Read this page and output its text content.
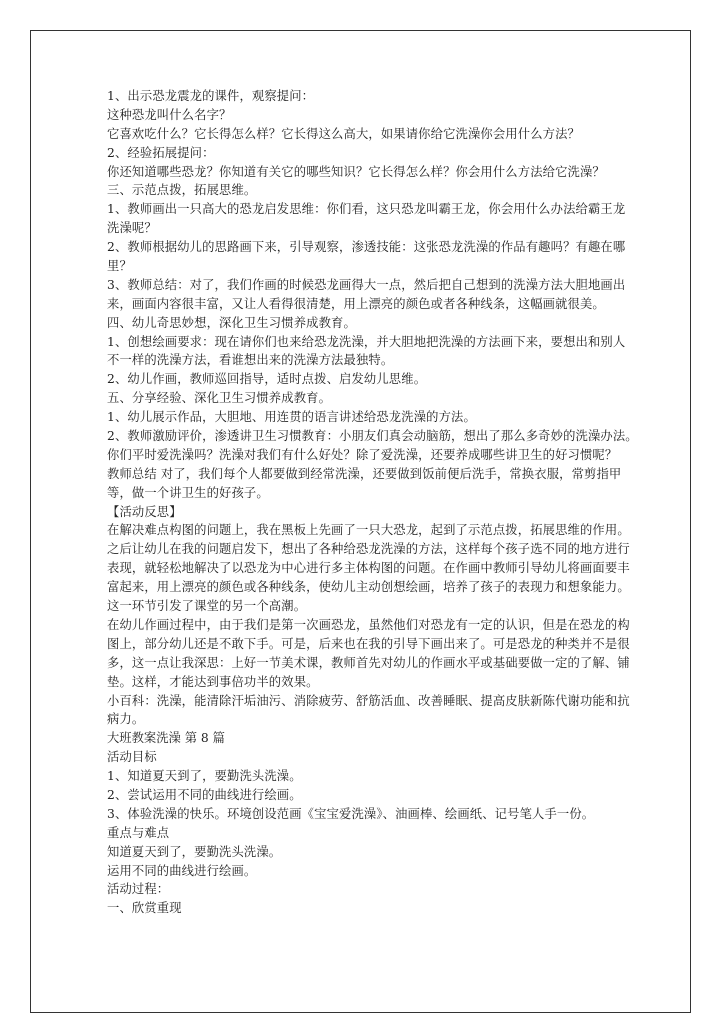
1、出示恐龙震龙的课件，观察提问：
这种恐龙叫什么名字？
它喜欢吃什么？它长得怎么样？它长得这么高大，如果请你给它洗澡你会用什么方法？
2、经验拓展提问：
你还知道哪些恐龙？你知道有关它的哪些知识？它长得怎么样？你会用什么方法给它洗澡？
三、示范点拨，拓展思维。
1、教师画出一只高大的恐龙启发思维：你们看，这只恐龙叫霸王龙，你会用什么办法给霸王龙
洗澡呢？
2、教师根据幼儿的思路画下来，引导观察，渗透技能：这张恐龙洗澡的作品有趣吗？有趣在哪
里？
3、教师总结：对了，我们作画的时候恐龙画得大一点，然后把自己想到的洗澡方法大胆地画出
来，画面内容很丰富，又让人看得很清楚，用上漂亮的颜色或者各种线条，这幅画就很美。
四、幼儿奇思妙想，深化卫生习惯养成教育。
1、创想绘画要求：现在请你们也来给恐龙洗澡，并大胆地把洗澡的方法画下来，要想出和别人
不一样的洗澡方法，看谁想出来的洗澡方法最独特。
2、幼儿作画，教师巡回指导，适时点拨、启发幼儿思维。
五、分享经验、深化卫生习惯养成教育。
1、幼儿展示作品，大胆地、用连贯的语言讲述给恐龙洗澡的方法。
2、教师激励评价，渗透讲卫生习惯教育：小朋友们真会动脑筋，想出了那么多奇妙的洗澡办法。
你们平时爱洗澡吗？洗澡对我们有什么好处？除了爱洗澡，还要养成哪些讲卫生的好习惯呢？
教师总结 对了，我们每个人都要做到经常洗澡，还要做到饭前便后洗手，常换衣服，常剪指甲
等，做一个讲卫生的好孩子。
【活动反思】
在解决难点构图的问题上，我在黑板上先画了一只大恐龙，起到了示范点拨，拓展思维的作用。
之后让幼儿在我的问题启发下，想出了各种给恐龙洗澡的方法，这样每个孩子选不同的地方进行
表现，就轻松地解决了以恐龙为中心进行多主体构图的问题。在作画中教师引导幼儿将画面要丰
富起来，用上漂亮的颜色或各种线条，使幼儿主动创想绘画，培养了孩子的表现力和想象能力。
这一环节引发了课堂的另一个高潮。
在幼儿作画过程中，由于我们是第一次画恐龙，虽然他们对恐龙有一定的认识，但是在恐龙的构
图上，部分幼儿还是不敢下手。可是，后来也在我的引导下画出来了。可是恐龙的种类并不是很
多，这一点让我深思：上好一节美术课，教师首先对幼儿的作画水平或基础要做一定的了解、铺
垫。这样，才能达到事倍功半的效果。
小百科：洗澡，能清除汗垢油污、消除疲劳、舒筋活血、改善睡眠、提高皮肤新陈代谢功能和抗
病力。
大班教案洗澡 第 8 篇
活动目标
1、知道夏天到了，要勤洗头洗澡。
2、尝试运用不同的曲线进行绘画。
3、体验洗澡的快乐。环境创设范画《宝宝爱洗澡》、油画棒、绘画纸、记号笔人手一份。
重点与难点
知道夏天到了，要勤洗头洗澡。
运用不同的曲线进行绘画。
活动过程：
一、欣赏重现
